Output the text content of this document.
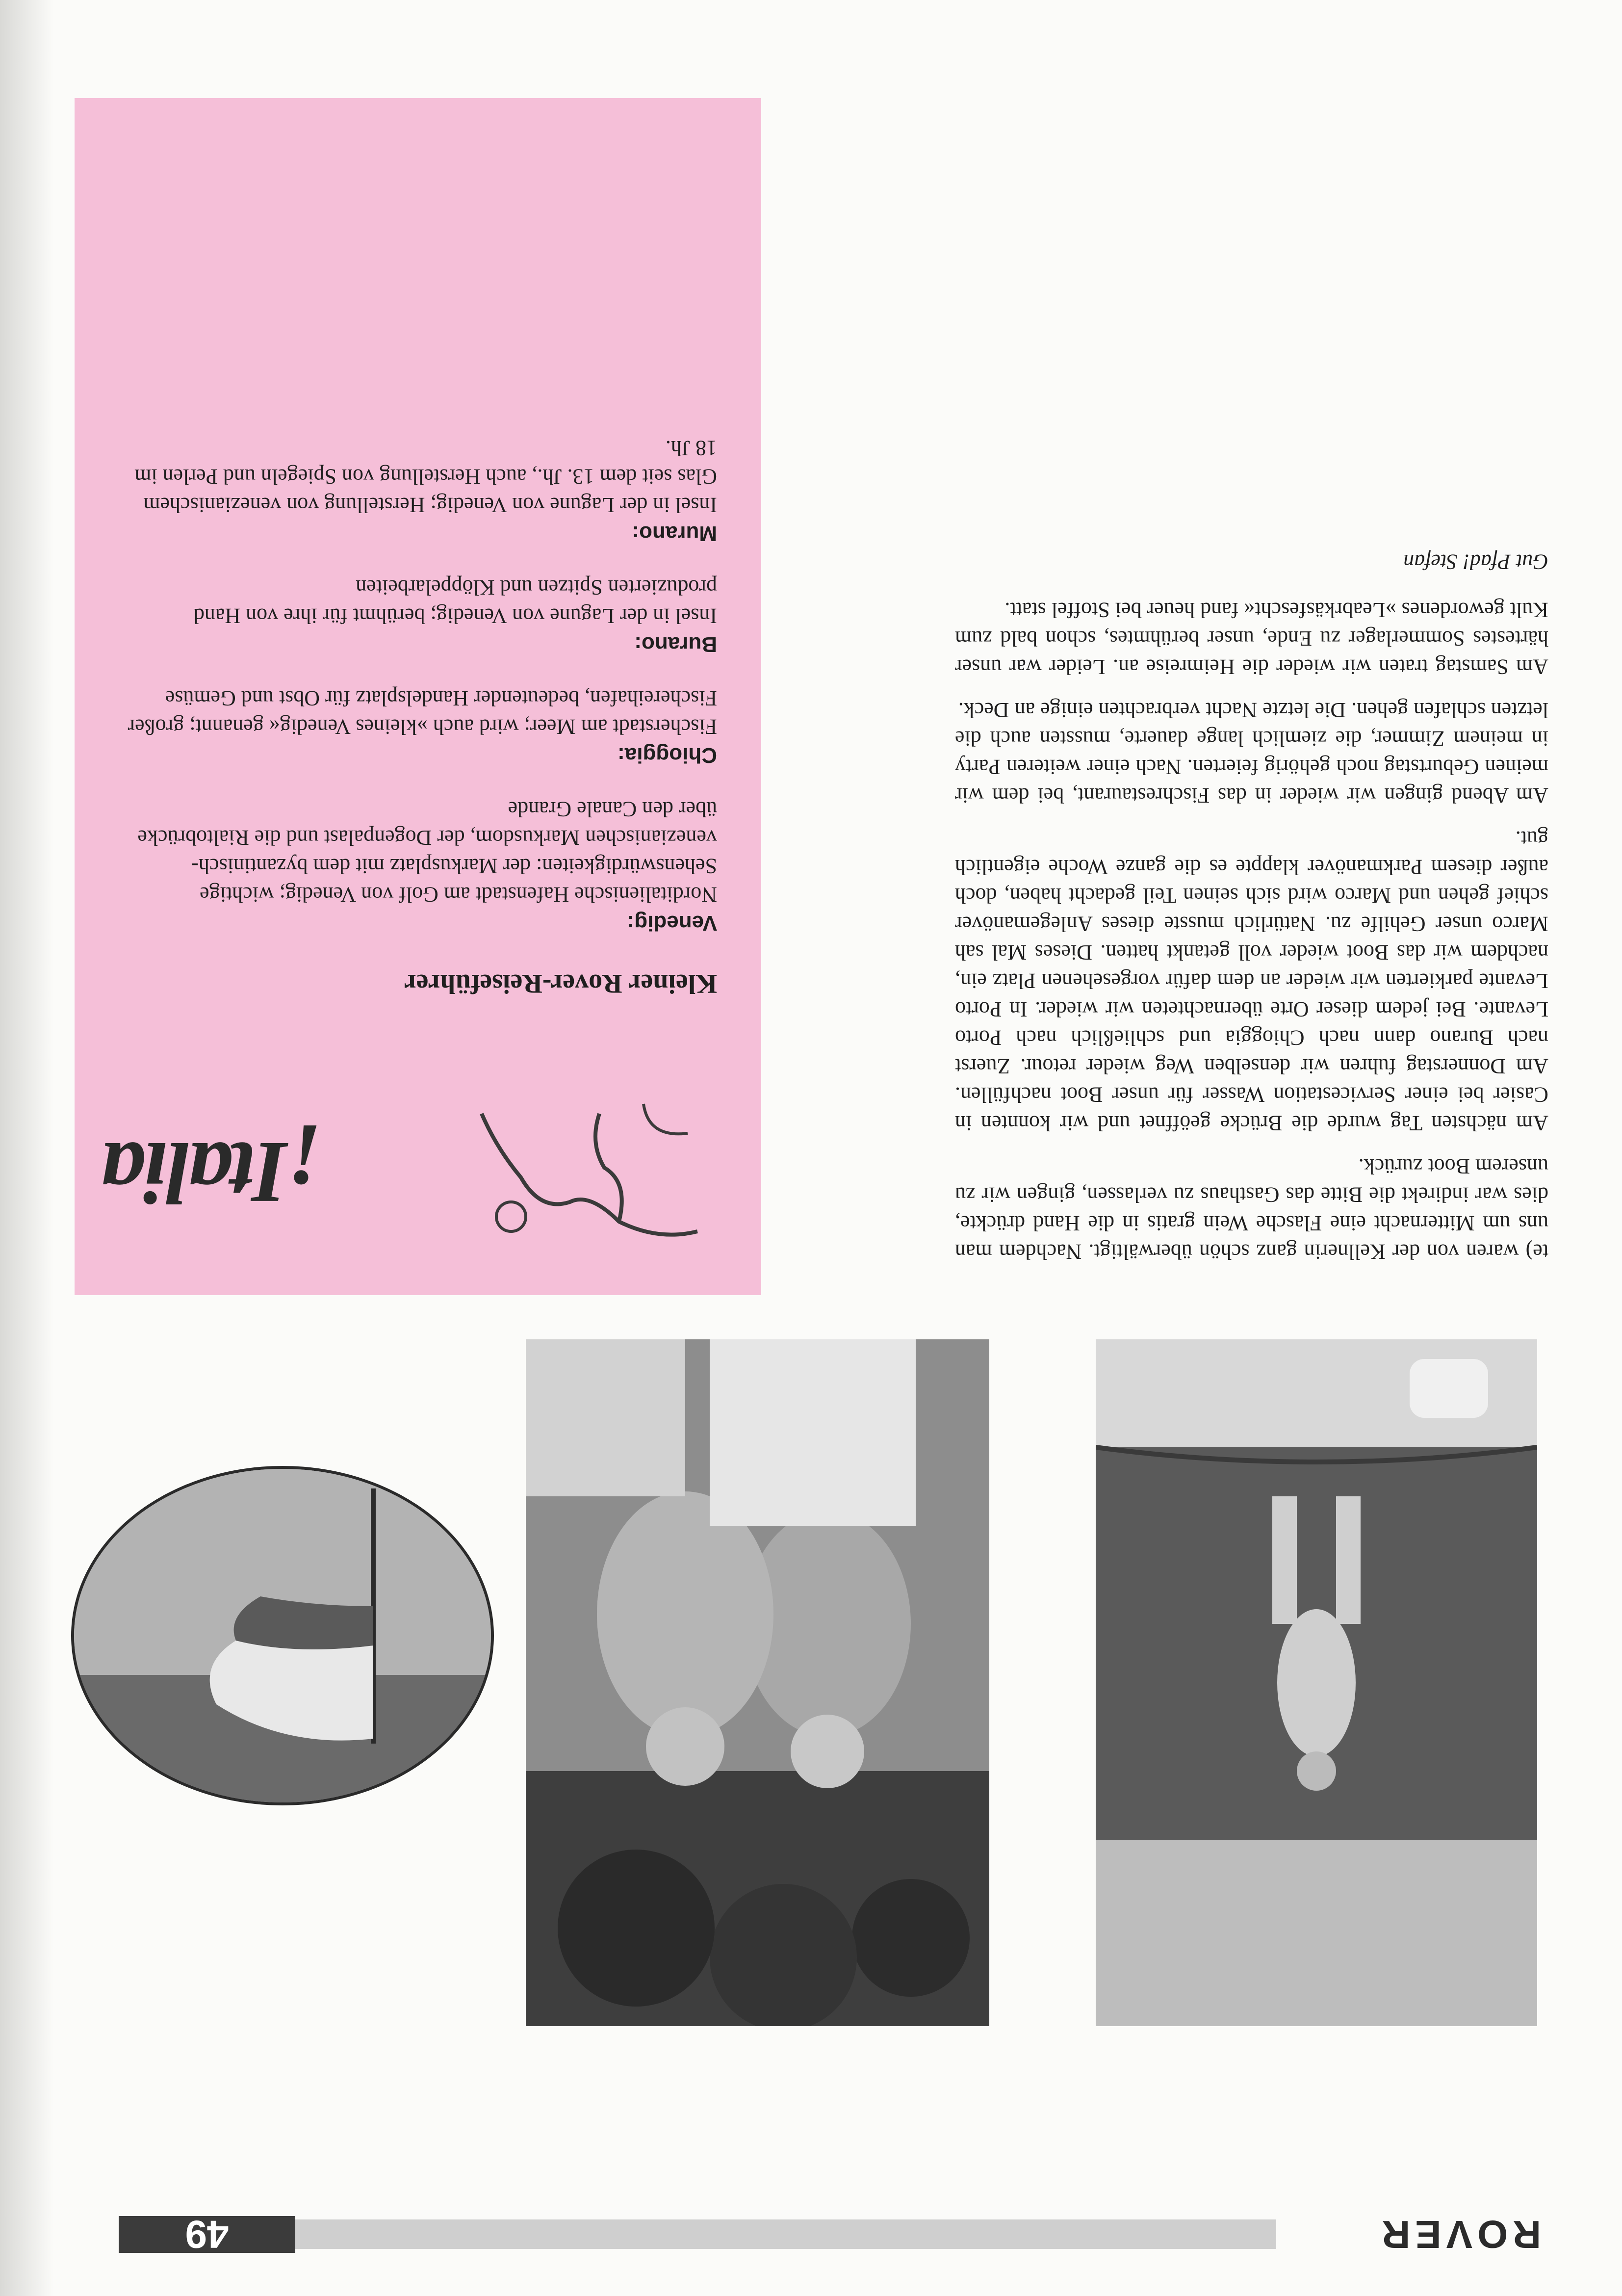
ROVER
49

te) waren von der Kellnerin ganz schön überwältigt. Nachdem man uns um Mitternacht eine Flasche Wein gratis in die Hand drückte, dies war indirekt die Bitte das Gasthaus zu verlassen, gingen wir zu unserem Boot zurück.

Am nächsten Tag wurde die Brücke geöffnet und wir konnten in Casier bei einer Servicestation Wasser für unser Boot nachfüllen. Am Donnerstag fuhren wir denselben Weg wieder retour. Zuerst nach Burano dann nach Chioggia und schließlich nach Porto Levante. Bei jedem dieser Orte übernachteten wir wieder. In Porto Levante parkierten wir wieder an dem dafür vorgesehenen Platz ein, nachdem wir das Boot wieder voll getankt hatten. Dieses Mal sah Marco unser Gehilfe zu. Natürlich musste dieses Anlegemanöver schief gehen und Marco wird sich seinen Teil gedacht haben, doch außer diesem Parkmanöver klappte es die ganze Woche eigentlich gut.

Am Abend gingen wir wieder in das Fischrestaurant, bei dem wir meinen Geburtstag noch gehörig feierten. Nach einer weiteren Party in meinem Zimmer, die ziemlich lange dauerte, mussten auch die letzten schlafen gehen. Die letzte Nacht verbrachten einige an Deck.

Am Samstag traten wir wieder die Heimreise an. Leider war unser härtestes Sommerlager zu Ende, unser berühmtes, schon bald zum Kult gewordenes »Leabrkäsfescht« fand heuer bei Stoffel statt.

Gut Pfad! Stefan

¡Italia
Kleiner Rover-Reiseführer
Venedig:
Norditalienische Hafenstadt am Golf von Venedig; wichtige Sehenswürdigkeiten: der Markusplatz mit dem byzantinisch-venezianischen Markusdom, der Dogenpalast und die Rialtobrücke über den Canale Grande
Chioggia:
Fischerstadt am Meer; wird auch »kleines Venedig« genannt; großer Fischereihafen, bedeutender Handelsplatz für Obst und Gemüse
Burano:
Insel in der Lagune von Venedig; berühmt für ihre von Hand produzierten Spitzen und Klöppelarbeiten
Murano:
Insel in der Lagune von Venedig; Herstellung von venezianischem Glas seit dem 13. Jh., auch Herstellung von Spiegeln und Perlen im 18 Jh.
